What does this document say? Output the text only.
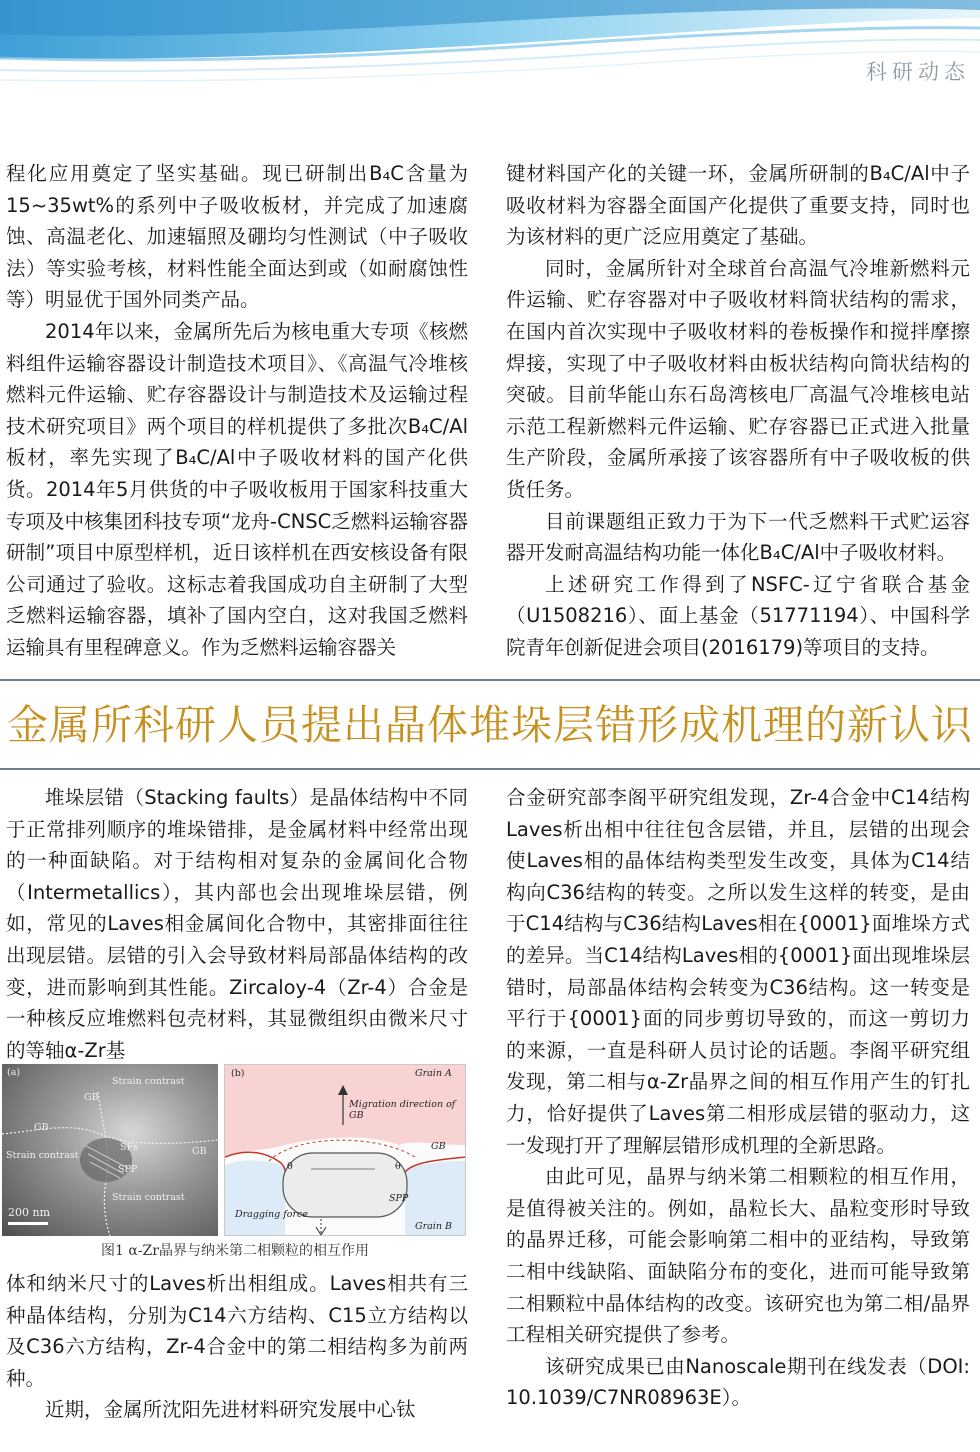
科研动态

程化应用奠定了坚实基础。现已研制出B₄C含量为15~35wt%的系列中子吸收板材，并完成了加速腐蚀、高温老化、加速辐照及硼均匀性测试（中子吸收法）等实验考核，材料性能全面达到或（如耐腐蚀性等）明显优于国外同类产品。

2014年以来，金属所先后为核电重大专项《核燃料组件运输容器设计制造技术项目》、《高温气冷堆核燃料元件运输、贮存容器设计与制造技术及运输过程技术研究项目》两个项目的样机提供了多批次B₄C/Al板材，率先实现了B₄C/Al中子吸收材料的国产化供货。2014年5月供货的中子吸收板用于国家科技重大专项及中核集团科技专项“龙舟-CNSC乏燃料运输容器研制”项目中原型样机，近日该样机在西安核设备有限公司通过了验收。这标志着我国成功自主研制了大型乏燃料运输容器，填补了国内空白，这对我国乏燃料运输具有里程碑意义。作为乏燃料运输容器关

键材料国产化的关键一环，金属所研制的B₄C/Al中子吸收材料为容器全面国产化提供了重要支持，同时也为该材料的更广泛应用奠定了基础。

同时，金属所针对全球首台高温气冷堆新燃料元件运输、贮存容器对中子吸收材料筒状结构的需求，在国内首次实现中子吸收材料的卷板操作和搅拌摩擦焊接，实现了中子吸收材料由板状结构向筒状结构的突破。目前华能山东石岛湾核电厂高温气冷堆核电站示范工程新燃料元件运输、贮存容器已正式进入批量生产阶段，金属所承接了该容器所有中子吸收板的供货任务。

目前课题组正致力于为下一代乏燃料干式贮运容器开发耐高温结构功能一体化B₄C/Al中子吸收材料。

上述研究工作得到了NSFC-辽宁省联合基金（U1508216）、面上基金（51771194）、中国科学院青年创新促进会项目(2016179)等项目的支持。

金属所科研人员提出晶体堆垛层错形成机理的新认识

堆垛层错（Stacking faults）是晶体结构中不同于正常排列顺序的堆垛错排，是金属材料中经常出现的一种面缺陷。对于结构相对复杂的金属间化合物（Intermetallics），其内部也会出现堆垛层错，例如，常见的Laves相金属间化合物中，其密排面往往出现层错。层错的引入会导致材料局部晶体结构的改变，进而影响到其性能。Zircaloy-4（Zr-4）合金是一种核反应堆燃料包壳材料，其显微组织由微米尺寸的等轴α-Zr基

(a)
GB
Strain contrast
GB
Strain contrast
SFs
SPP
GB
Strain contrast
200 nm
(b)	Grain A
Migration direction of GB
GB
θ	θ
SPP
Dragging force
Grain B
图1 α-Zr晶界与纳米第二相颗粒的相互作用

体和纳米尺寸的Laves析出相组成。Laves相共有三种晶体结构，分别为C14六方结构、C15立方结构以及C36六方结构，Zr-4合金中的第二相结构多为前两种。

近期，金属所沈阳先进材料研究发展中心钛

合金研究部李阁平研究组发现，Zr-4合金中C14结构Laves析出相中往往包含层错，并且，层错的出现会使Laves相的晶体结构类型发生改变，具体为C14结构向C36结构的转变。之所以发生这样的转变，是由于C14结构与C36结构Laves相在{0001}面堆垛方式的差异。当C14结构Laves相的{0001}面出现堆垛层错时，局部晶体结构会转变为C36结构。这一转变是平行于{0001}面的同步剪切导致的，而这一剪切力的来源，一直是科研人员讨论的话题。李阁平研究组发现，第二相与α-Zr晶界之间的相互作用产生的钉扎力，恰好提供了Laves第二相形成层错的驱动力，这一发现打开了理解层错形成机理的全新思路。

由此可见，晶界与纳米第二相颗粒的相互作用，是值得被关注的。例如，晶粒长大、晶粒变形时导致的晶界迁移，可能会影响第二相中的亚结构，导致第二相中线缺陷、面缺陷分布的变化，进而可能导致第二相颗粒中晶体结构的改变。该研究也为第二相/晶界工程相关研究提供了参考。

该研究成果已由Nanoscale期刊在线发表（DOI: 10.1039/C7NR08963E）。
